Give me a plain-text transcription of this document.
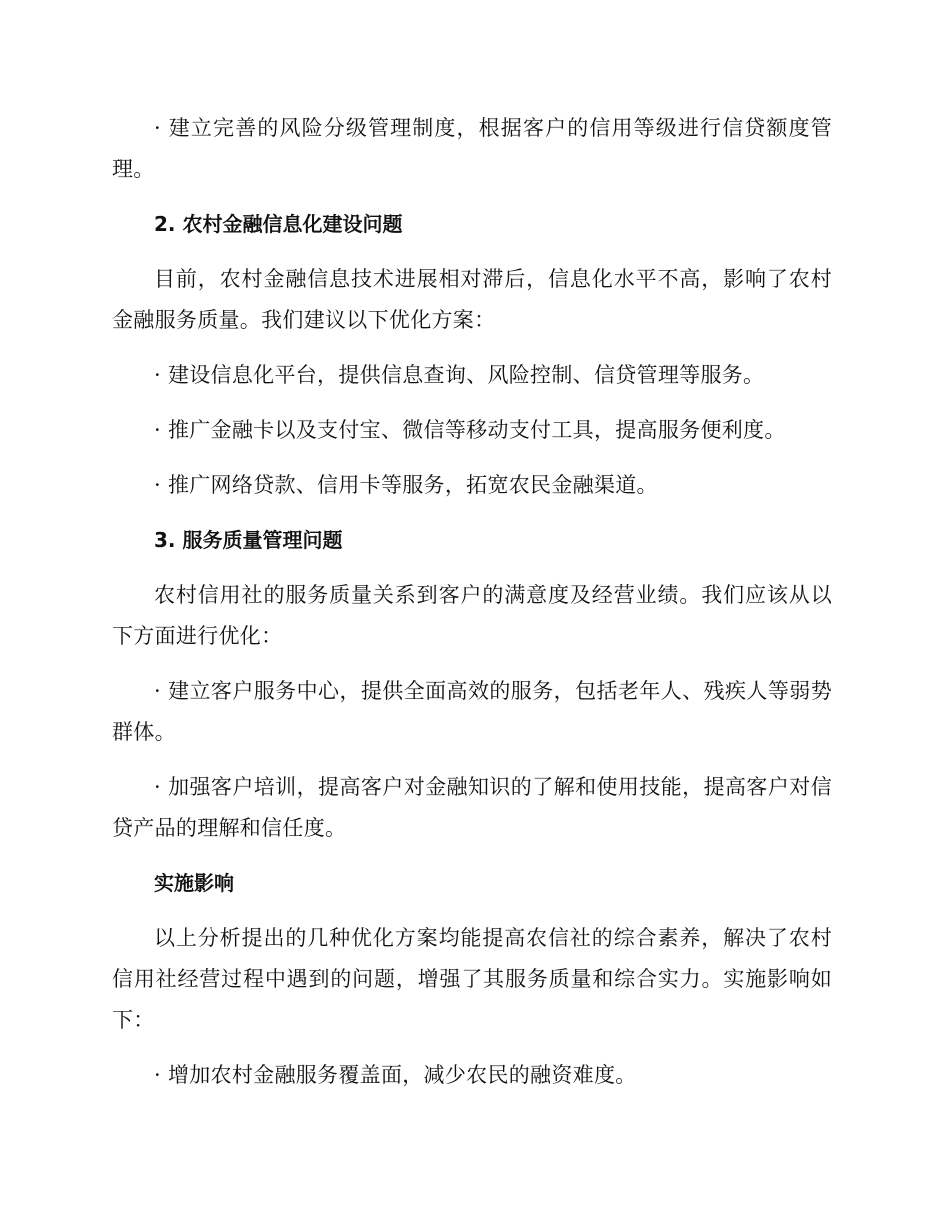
· 建立完善的风险分级管理制度，根据客户的信用等级进行信贷额度管理。

2. 农村金融信息化建设问题

目前，农村金融信息技术进展相对滞后，信息化水平不高，影响了农村金融服务质量。我们建议以下优化方案：

· 建设信息化平台，提供信息查询、风险控制、信贷管理等服务。

· 推广金融卡以及支付宝、微信等移动支付工具，提高服务便利度。

· 推广网络贷款、信用卡等服务，拓宽农民金融渠道。

3. 服务质量管理问题

农村信用社的服务质量关系到客户的满意度及经营业绩。我们应该从以下方面进行优化：

· 建立客户服务中心，提供全面高效的服务，包括老年人、残疾人等弱势群体。

· 加强客户培训，提高客户对金融知识的了解和使用技能，提高客户对信贷产品的理解和信任度。

实施影响

以上分析提出的几种优化方案均能提高农信社的综合素养，解决了农村信用社经营过程中遇到的问题，增强了其服务质量和综合实力。实施影响如下：

· 增加农村金融服务覆盖面，减少农民的融资难度。
